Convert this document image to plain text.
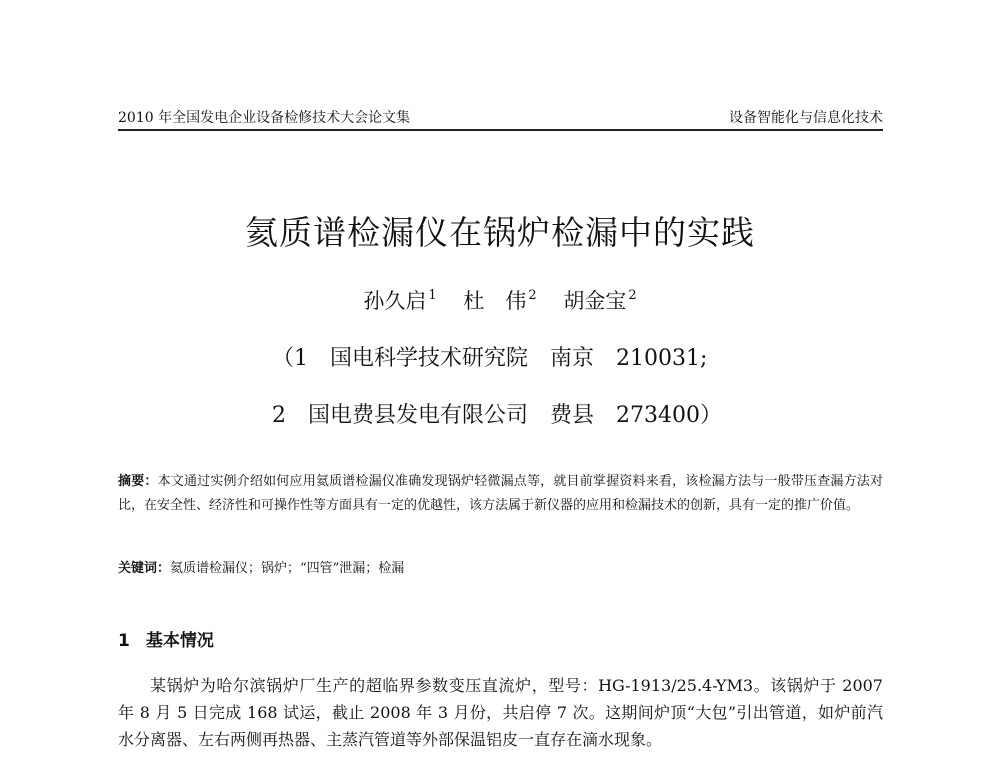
2010 年全国发电企业设备检修技术大会论文集	设备智能化与信息化技术
氦质谱检漏仪在锅炉检漏中的实践
孙久启 $^1$ 杜　伟 $^2$ 胡金宝 $^2$
（1　国电科学技术研究院　南京　210031;
2　国电费县发电有限公司　费县　273400）
摘要：本文通过实例介绍如何应用氦质谱检漏仪准确发现锅炉轻微漏点等，就目前掌握资料来看，该检漏方法与一般带压查漏方法对比，在安全性、经济性和可操作性等方面具有一定的优越性，该方法属于新仪器的应用和检漏技术的创新，具有一定的推广价值。
关键词：氦质谱检漏仪；锅炉；“四管”泄漏；检漏
1 基本情况
某锅炉为哈尔滨锅炉厂生产的超临界参数变压直流炉，型号：HG-1913/25.4-YM3。该锅炉于 2007 年 8 月 5 日完成 168 试运，截止 2008 年 3 月份，共启停 7 次。这期间炉顶“大包”引出管道，如炉前汽水分离器、左右两侧再热器、主蒸汽管道等外部保温铝皮一直存在滴水现象。
